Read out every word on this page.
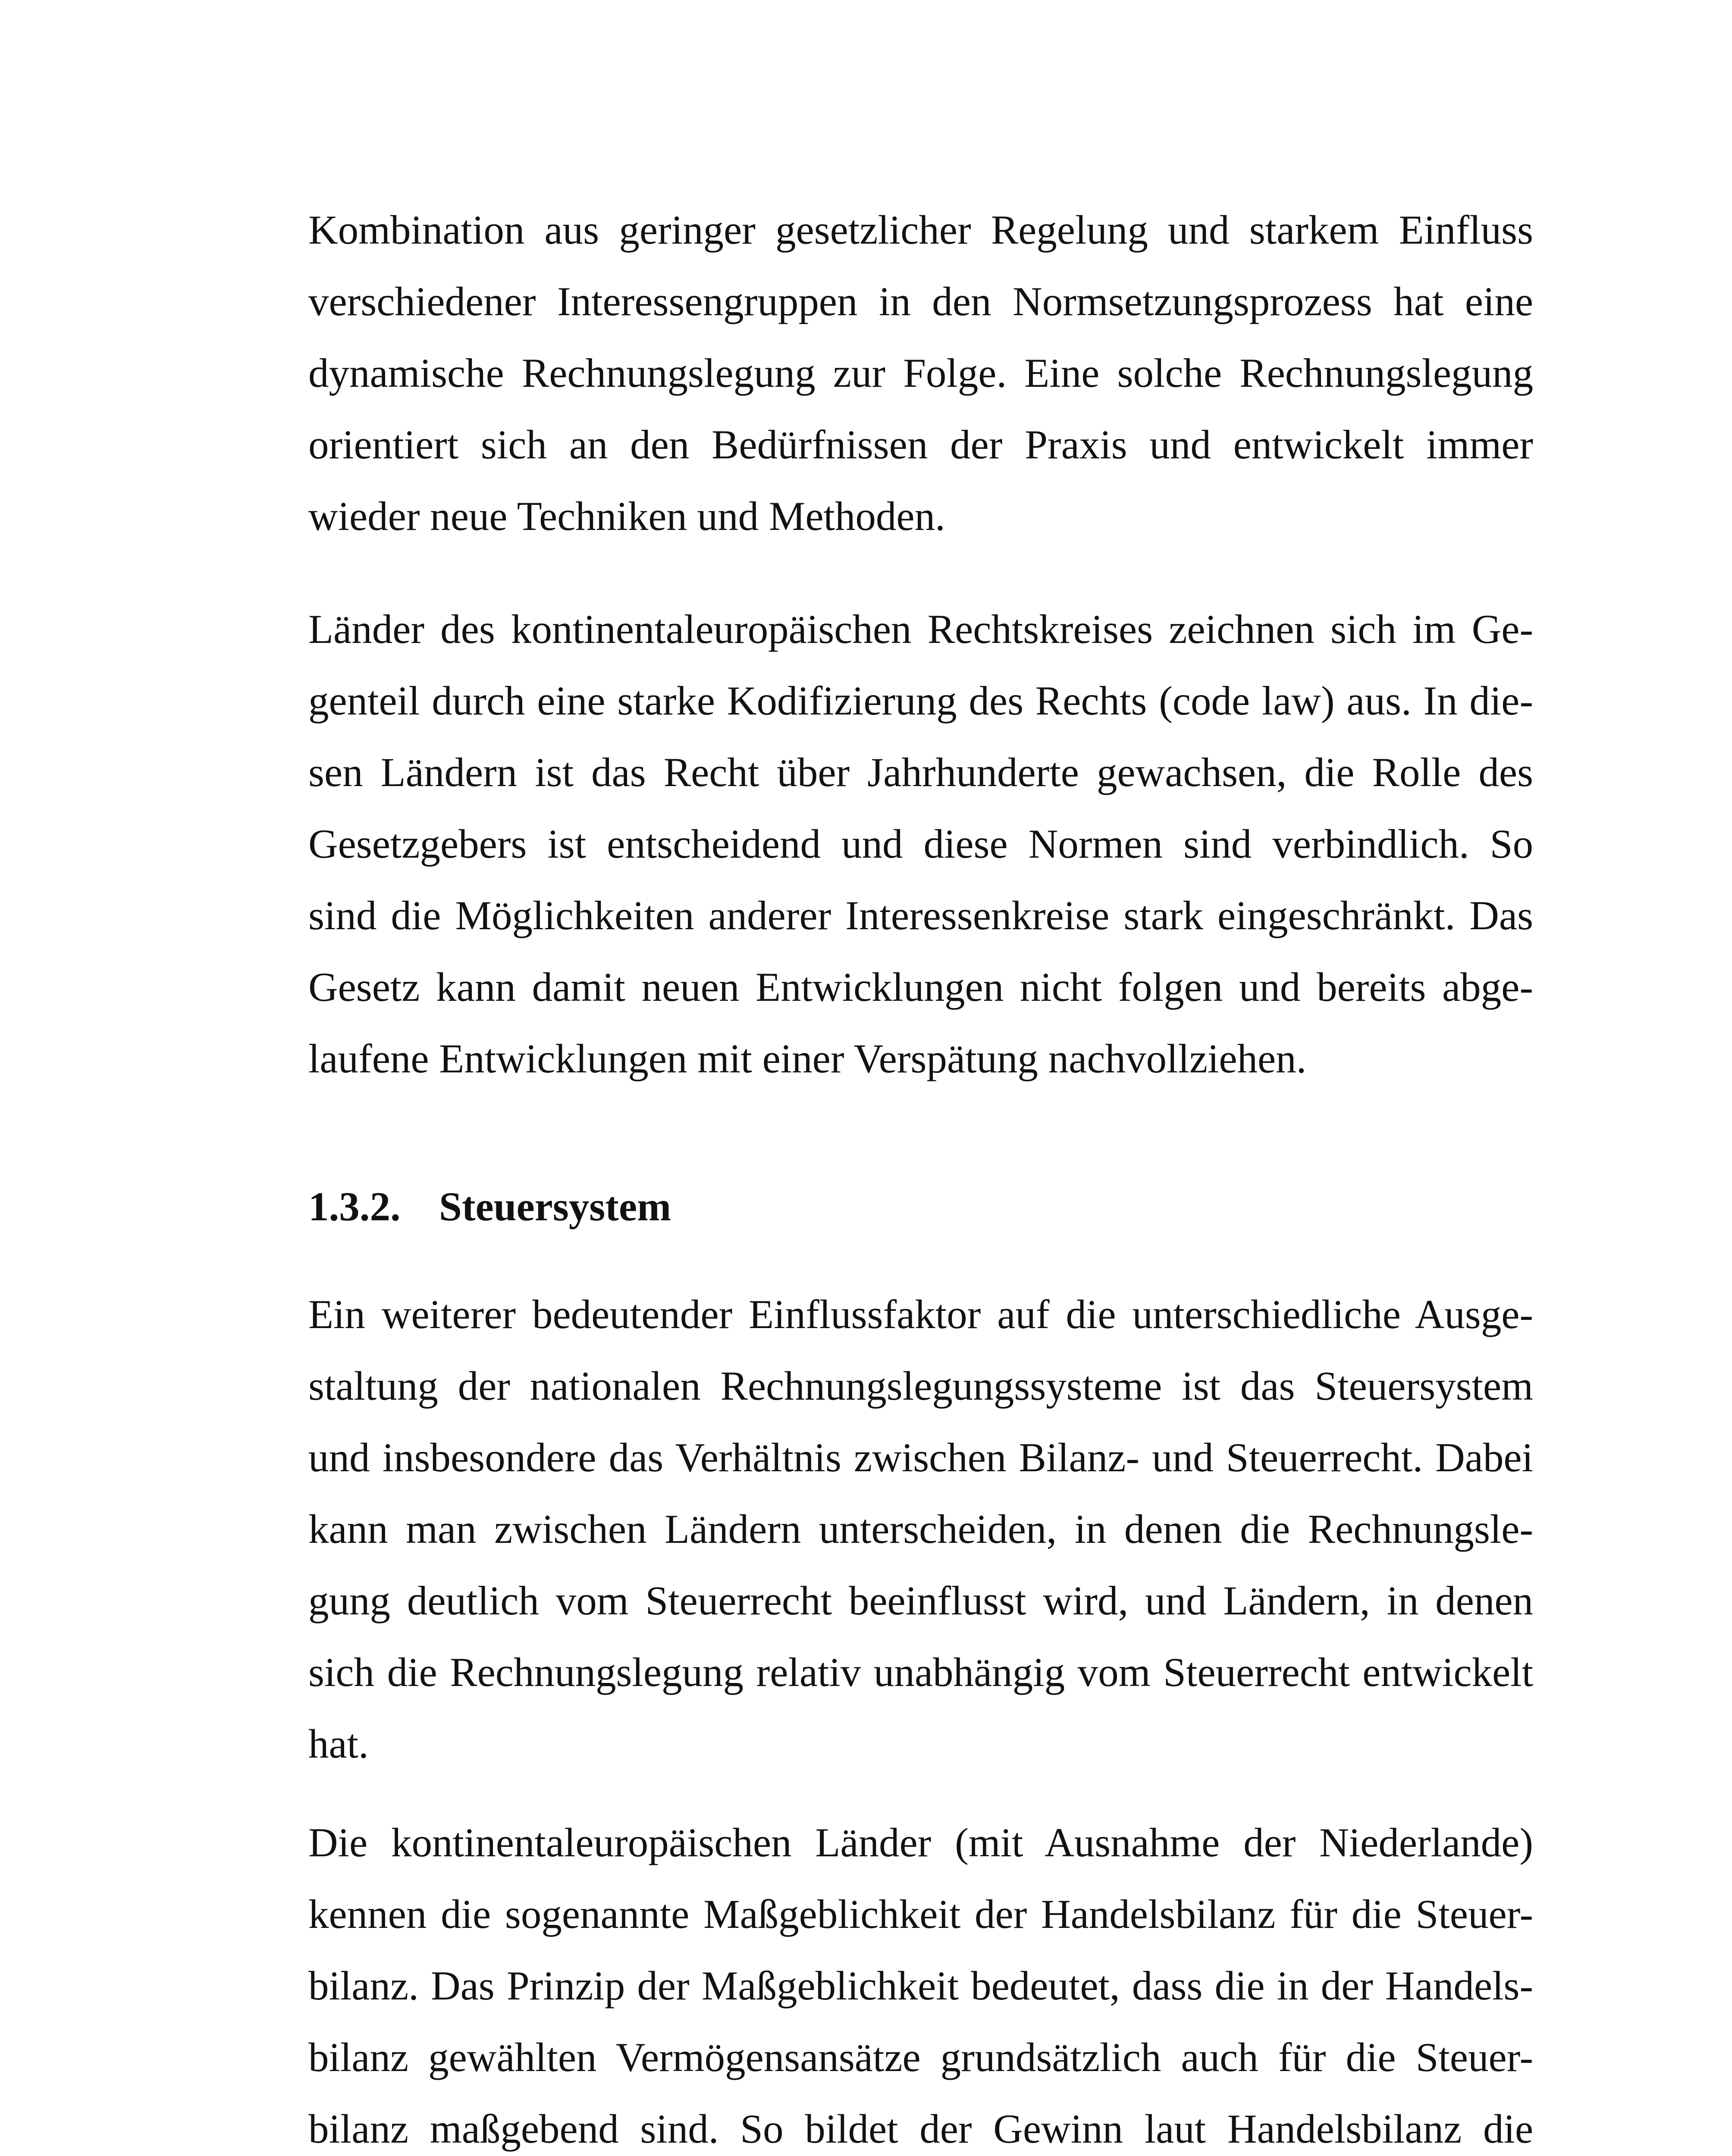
Kombination aus geringer gesetzlicher Regelung und starkem Einfluss
verschiedener Interessengruppen in den Normsetzungsprozess hat eine
dynamische Rechnungslegung zur Folge. Eine solche Rechnungslegung
orientiert sich an den Bedürfnissen der Praxis und entwickelt immer
wieder neue Techniken und Methoden.
Länder des kontinentaleuropäischen Rechtskreises zeichnen sich im Ge-
genteil durch eine starke Kodifizierung des Rechts (code law) aus. In die-
sen Ländern ist das Recht über Jahrhunderte gewachsen, die Rolle des
Gesetzgebers ist entscheidend und diese Normen sind verbindlich. So
sind die Möglichkeiten anderer Interessenkreise stark eingeschränkt. Das
Gesetz kann damit neuen Entwicklungen nicht folgen und bereits abge-
laufene Entwicklungen mit einer Verspätung nachvollziehen.
1.3.2. Steuersystem
Ein weiterer bedeutender Einflussfaktor auf die unterschiedliche Ausge-
staltung der nationalen Rechnungslegungssysteme ist das Steuersystem
und insbesondere das Verhältnis zwischen Bilanz- und Steuerrecht. Dabei
kann man zwischen Ländern unterscheiden, in denen die Rechnungsle-
gung deutlich vom Steuerrecht beeinflusst wird, und Ländern, in denen
sich die Rechnungslegung relativ unabhängig vom Steuerrecht entwickelt
hat.
Die kontinentaleuropäischen Länder (mit Ausnahme der Niederlande)
kennen die sogenannte Maßgeblichkeit der Handelsbilanz für die Steuer-
bilanz. Das Prinzip der Maßgeblichkeit bedeutet, dass die in der Handels-
bilanz gewählten Vermögensansätze grundsätzlich auch für die Steuer-
bilanz maßgebend sind. So bildet der Gewinn laut Handelsbilanz die
